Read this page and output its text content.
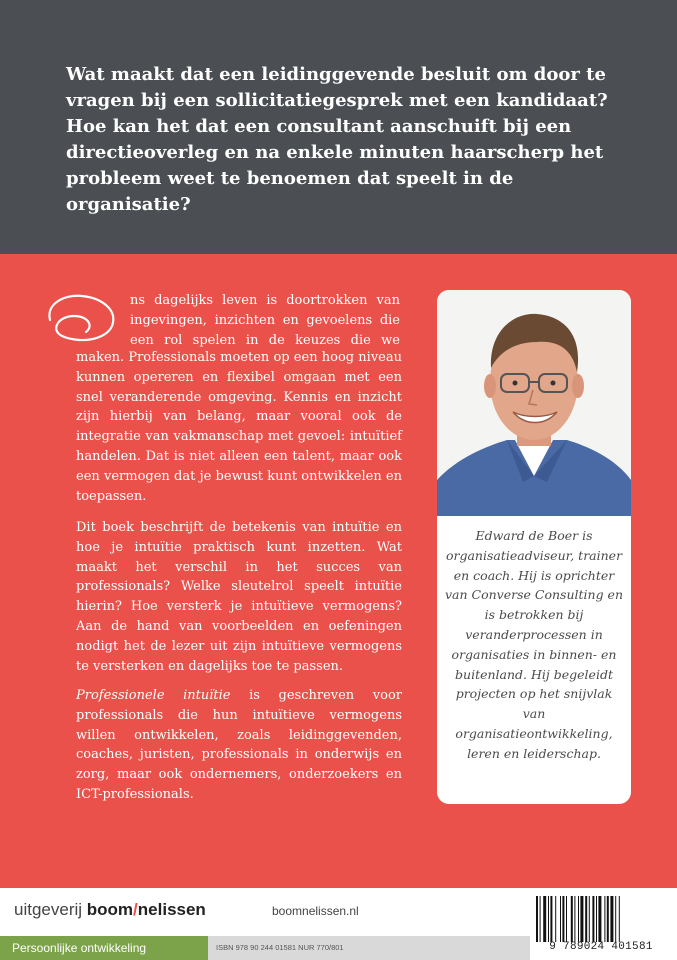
Wat maakt dat een leidinggevende besluit om door te vragen bij een sollicitatiegesprek met een kandidaat? Hoe kan het dat een consultant aanschuift bij een directieoverleg en na enkele minuten haarscherp het probleem weet te benoemen dat speelt in de organisatie?

ns dagelijks leven is doortrokken van ingevingen, inzichten en gevoelens die een rol spelen in de keuzes die we

maken. Professionals moeten op een hoog niveau kunnen opereren en flexibel omgaan met een snel veranderende omgeving. Kennis en inzicht zijn hierbij van belang, maar vooral ook de integratie van vakmanschap met gevoel: intuïtief handelen. Dat is niet alleen een talent, maar ook een vermogen dat je bewust kunt ontwikkelen en toepassen.

Dit boek beschrijft de betekenis van intuïtie en hoe je intuïtie praktisch kunt inzetten. Wat maakt het verschil in het succes van professionals? Welke sleutelrol speelt intuïtie hierin? Hoe versterk je intuïtieve vermogens? Aan de hand van voorbeelden en oefeningen nodigt het de lezer uit zijn intuïtieve vermogens te versterken en dagelijks toe te passen.

Professionele intuïtie is geschreven voor professionals die hun intuïtieve vermogens willen ontwikkelen, zoals leidinggevenden, coaches, juristen, professionals in onderwijs en zorg, maar ook ondernemers, onderzoekers en ICT-professionals.

Edward de Boer is organisatieadviseur, trainer en coach. Hij is oprichter van Converse Consulting en is betrokken bij veranderprocessen in organisaties in binnen- en buitenland. Hij begeleidt projecten op het snijvlak van organisatieontwikkeling, leren en leiderschap.

uitgeverij boom/nelissen	boomnelissen.nl
Persoonlijke ontwikkeling	ISBN 978 90 244 01581 NUR 770/801	9 789024 401581
